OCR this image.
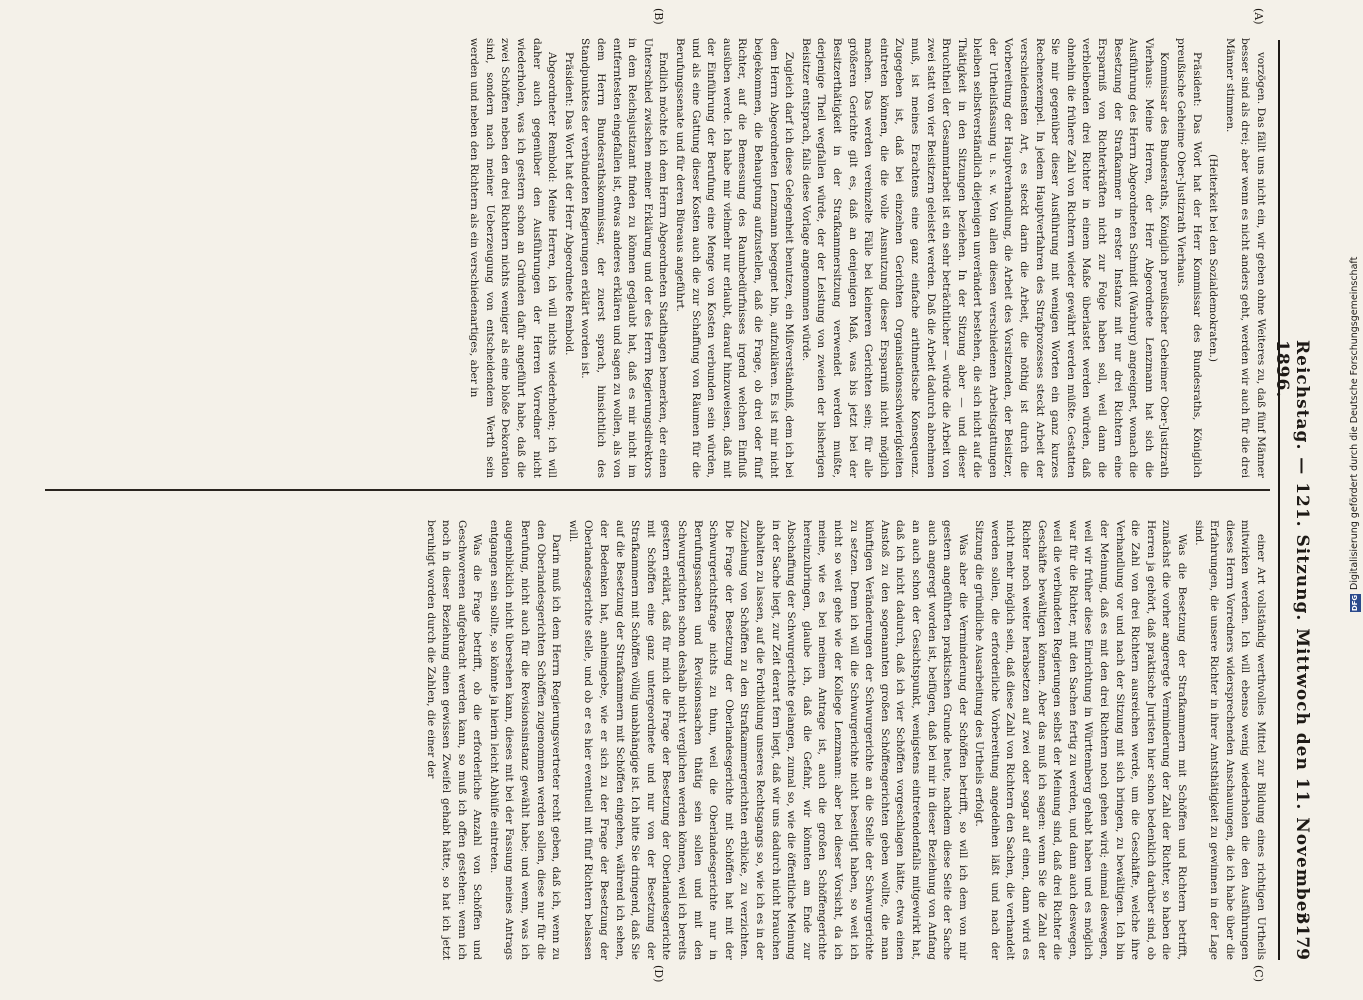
Reichstag. — 121. Sitzung. Mittwoch den 11. November 1896.
3179
(A)
(B)
(C)
(D)

vorzögen. Das fällt uns nicht ein, wir geben ohne Weiteres zu, daß fünf Männer besser sind als drei; aber wenn es nicht anders geht, werden wir auch für die drei Männer stimmen.

(Heiterkeit bei den Sozialdemokraten.)

Präsident: Das Wort hat der Herr Kommissar des Bundesraths, Königlich preußische Geheime Ober-Justizrath Vierhaus.

Kommissar des Bundesraths, Königlich preußischer Geheimer Ober-Justizrath Vierhaus: Meine Herren, der Herr Abgeordnete Lenzmann hat sich die Ausführung des Herrn Abgeordneten Schmidt (Warburg) angeeignet, wonach die Besetzung der Strafkammer in erster Instanz mit nur drei Richtern eine Ersparniß von Richterkräften nicht zur Folge haben soll, weil dann die verbleibenden drei Richter in einem Maße überlastet werden würden, daß ohnehin die frühere Zahl von Richtern wieder gewährt werden müßte. Gestatten Sie mir gegenüber dieser Ausführung mit wenigen Worten ein ganz kurzes Rechenexempel. In jedem Hauptverfahren des Strafprozesses steckt Arbeit der verschiedensten Art, es steckt darin die Arbeit, die nöthig ist durch die Vorbereitung der Hauptverhandlung, die Arbeit des Vorsitzenden, der Beisitzer, der Urtheilsfassung u. s. w. Von allen diesen verschiedenen Arbeitsgattungen bleiben selbstverständlich diejenigen unverändert bestehen, die sich nicht auf die Thätigkeit in den Sitzungen beziehen. In der Sitzung aber — und dieser Bruchtheil der Gesammtarbeit ist ein sehr beträchtlicher — würde die Arbeit von zwei statt von vier Beisitzern geleistet werden. Daß die Arbeit dadurch abnehmen muß, ist meines Erachtens eine ganz einfache arithmetische Konsequenz. Zugegeben ist, daß bei einzelnen Gerichten Organisationsschwierigkeiten eintreten können, die die volle Ausnutzung dieser Ersparniß nicht möglich machen. Das werden vereinzelte Fälle bei kleineren Gerichten sein; für alle größeren Gerichte gilt es, daß an denjenigen Maß, was bis jetzt bei der Besitzerthätigkeit in der Strafkammersitzung verwendet werden mußte, derjenige Theil wegfallen würde, der der Leistung von zweien der bisherigen Beisitzer entsprach, falls diese Vorlage angenommen würde.

Zugleich darf ich diese Gelegenheit benutzen, ein Mißverständniß, dem ich bei dem Herrn Abgeordneten Lenzmann begegnet bin, aufzuklären. Es ist mir nicht beigekommen, die Behauptung aufzustellen, daß die Frage, ob drei oder fünf Richter, auf die Bemessung des Raumbedürfnisses irgend welchen Einfluß ausüben werde. Ich habe mir vielmehr nur erlaubt, darauf hinzuweisen, daß mit der Einführung der Berufung eine Menge von Kosten verbunden sein würden, und als eine Gattung dieser Kosten auch die zur Schaffung von Räumen für die Berufungssenate und für deren Büreaus angeführt.

Endlich möchte ich dem Herrn Abgeordneten Stadthagen bemerken, der einen Unterschied zwischen meiner Erklärung und der des Herrn Regierungsdirektors in dem Reichsjustizamt finden zu können geglaubt hat, daß es mir nicht im entferntesten eingefallen ist, etwas anderes erklären und sagen zu wollen, als von dem Herrn Bundesrathskommissar, der zuerst sprach, hinsichtlich des Standpunktes der verbündeten Regierungen erklärt worden ist.

Präsident: Das Wort hat der Herr Abgeordnete Rembold.

Abgeordneter Rembold: Meine Herren, ich will nichts wiederholen; ich will daher auch gegenüber den Ausführungen der Herren Vorredner nicht wiederholen, was ich gestern schon an Gründen dafür angeführt habe, daß die zwei Schöffen neben den drei Richtern nichts weniger als eine bloße Dekoration sind, sondern nach meiner Ueberzeugung von entscheidendem Werth sein werden und neben den Richtern als ein verschiedenartiges, aber in

einer Art vollständig werthvolles Mittel zur Bildung eines richtigen Urtheils mitwirken werden. Ich will ebenso wenig wiederholen die den Ausführungen dieses Herrn Vorredners widersprechenden Anschauungen, die ich habe über die Erfahrungen, die unsere Richter in ihrer Amtsthätigkeit zu gewinnen in der Lage sind.

Was die Besetzung der Strafkammern mit Schöffen und Richtern betrifft, zunächst die vorher angeregte Verminderung der Zahl der Richter, so haben die Herren ja gehört, daß praktische Juristen hier schon bedenklich darüber sind, ob die Zahl von drei Richtern ausreichen werde, um die Geschäfte, welche ihre Verhandlung vor und nach der Sitzung mit sich bringen, zu bewältigen. Ich bin der Meinung, daß es mit den drei Richtern noch gehen wird; einmal deswegen, weil wir früher diese Einrichtung in Württemberg gehabt haben und es möglich war für die Richter, mit den Sachen fertig zu werden, und dann auch deswegen, weil die verbündeten Regierungen selbst der Meinung sind, daß drei Richter die Geschäfte bewältigen können. Aber das muß ich sagen: wenn Sie die Zahl der Richter noch weiter herabsetzen auf zwei oder sogar auf einen, dann wird es nicht mehr möglich sein, daß diese Zahl von Richtern den Sachen, die verhandelt werden sollen, die erforderliche Vorbereitung angedeihen läßt und nach der Sitzung die gründliche Ausarbeitung des Urtheils erfolgt.

Was aber die Verminderung der Schöffen betrifft, so will ich dem von mir gestern angeführten praktischen Grunde heute, nachdem diese Seite der Sache auch angeregt worden ist, beifügen, daß bei mir in dieser Beziehung von Anfang an auch schon der Gesichtspunkt, wenigstens eintretendenfalls mitgewirkt hat, daß ich nicht dadurch, daß ich vier Schöffen vorgeschlagen hätte, etwa einen Anstoß zu den sogenannten großen Schöffengerichten geben wollte, die man künftigen Veränderungen der Schwurgerichte an die Stelle der Schwurgerichte zu setzen. Denn ich will die Schwurgerichte nicht beseitigt haben, so weit ich nicht so weit gehe wie der Kollege Lenzmann: aber bei dieser Vorsicht, da ich meine, wie es bei meinem Antrage ist, auch die großen Schöffengerichte hereinzubringen, glaube ich, daß die Gefahr, wir könnten am Ende zur Abschaffung der Schwurgerichte gelangen, zumal so, wie die öffentliche Meinung in der Sache liegt, zur Zeit derart fern liegt, daß wir uns dadurch nicht brauchen abhalten zu lassen, auf die Fortbildung unseres Rechtsgangs so, wie ich es in der Zuziehung von Schöffen zu den Strafkammergerichten erblicke, zu verzichten. Die Frage der Besetzung der Oberlandesgerichte mit Schöffen hat mit der Schwurgerichtsfrage nichts zu thun, weil die Oberlandesgerichte nur in Berufungssachen und Revisionssachen thätig sein sollen und mit den Schwurgerichten schon deshalb nicht verglichen werden können, weil ich bereits gestern erklärt, daß für mich die Frage der Besetzung der Oberlandesgerichte mit Schöffen eine ganz untergeordnete und nur von der Besetzung der Strafkammern mit Schöffen völlig unabhängige ist. Ich bitte Sie dringend, daß Sie auf die Besetzung der Strafkammern mit Schöffen eingehen, während ich sehen, der Bedenken hat, anheimgebe, wie er sich zu der Frage der Besetzung der Oberlandesgerichte stelle, und ob er es hier eventuell mit fünf Richtern belassen will.

Darin muß ich dem Herrn Regierungsvertreter recht geben, daß ich, wenn zu den Oberlandesgerichten Schöffen zugenommen werden sollen, diese nur für die Berufung, nicht auch für die Revisionsinstanz gewählt habe; und wenn, was ich augenblicklich nicht übersehen kann, dieses mit bei der Fassung meines Antrags entgangen sein sollte, so könnte ja hierin leicht Abhülfe eintreten.

Was die Frage betrifft, ob die erforderliche Anzahl von Schöffen und Geschworenen aufgebracht werden kann, so muß ich offen gestehen: wenn ich noch in dieser Beziehung einen gewissen Zweifel gehabt hätte, so hat ich jetzt beruhigt worden durch die Zahlen, die einer der	DFG
Digitalisierung gefördert durch die Deutsche Forschungsgemeinschaft
